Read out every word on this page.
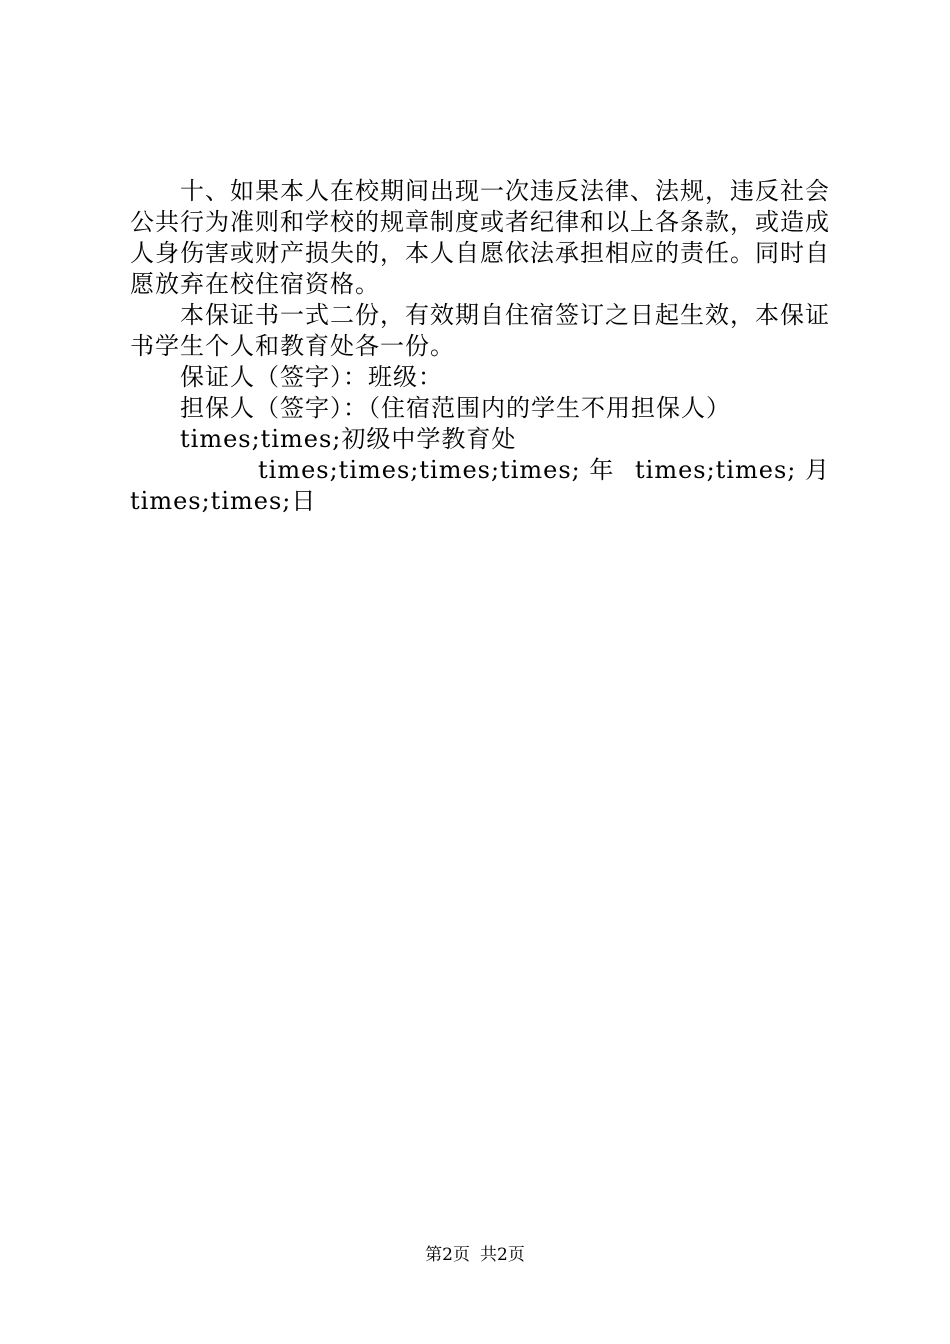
十、如果本人在校期间出现一次违反法律、法规，违反社会公共行为准则和学校的规章制度或者纪律和以上各条款，或造成人身伤害或财产损失的，本人自愿依法承担相应的责任。同时自愿放弃在校住宿资格。

本保证书一式二份，有效期自住宿签订之日起生效，本保证书学生个人和教育处各一份。

保证人（签字）：班级：

担保人（签字）：（住宿范围内的学生不用担保人）

times;times;初级中学教育处

times;times;times;times; 年 times;times; 月

times;times;日

第2页 共2页
